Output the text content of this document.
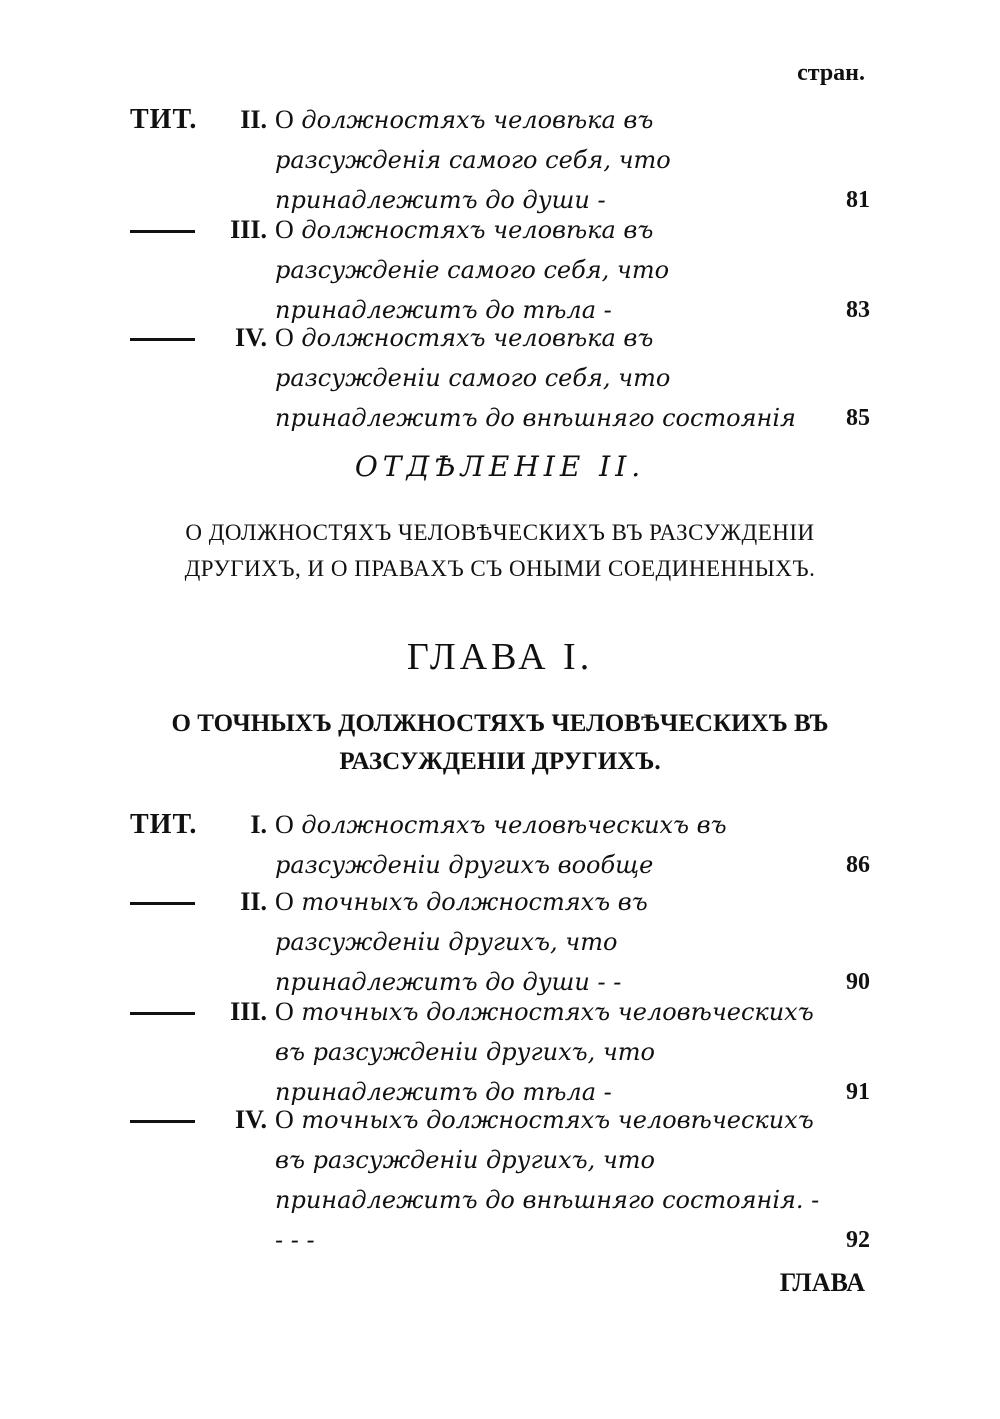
стран.
ТИТ.	II. О должностяхъ человѣка въ разсужденія самого себя, что принадлежитъ до души -	81
III. О должностяхъ человѣка въ разсужденіе самого себя, что принадлежитъ до тѣла -	83
IV. О должностяхъ человѣка въ разсужденіи самого себя, что принадлежитъ до внѣшняго состоянія	85
ОТДѢЛЕНІЕ II.
О ДОЛЖНОСТЯХЪ ЧЕЛОВѢЧЕСКИХЪ ВЪ РАЗСУЖДЕНІИ ДРУГИХЪ, И О ПРАВАХЪ СЪ ОНЫМИ СОЕДИНЕННЫХЪ.
ГЛАВА I.
О ТОЧНЫХЪ ДОЛЖНОСТЯХЪ ЧЕЛОВѢЧЕСКИХЪ ВЪ РАЗСУЖДЕНІИ ДРУГИХЪ.
ТИТ.	I. О должностяхъ человѣческихъ въ разсужденіи другихъ вообще	86
II. О точныхъ должностяхъ въ разсужденіи другихъ, что принадлежитъ до души - -	90
III. О точныхъ должностяхъ человѣческихъ въ разсужденіи другихъ, что принадлежитъ до тѣла -	91
IV. О точныхъ должностяхъ человѣческихъ въ разсужденіи другихъ, что принадлежитъ до внѣшняго состоянія. - - - -	92
ГЛАВА
